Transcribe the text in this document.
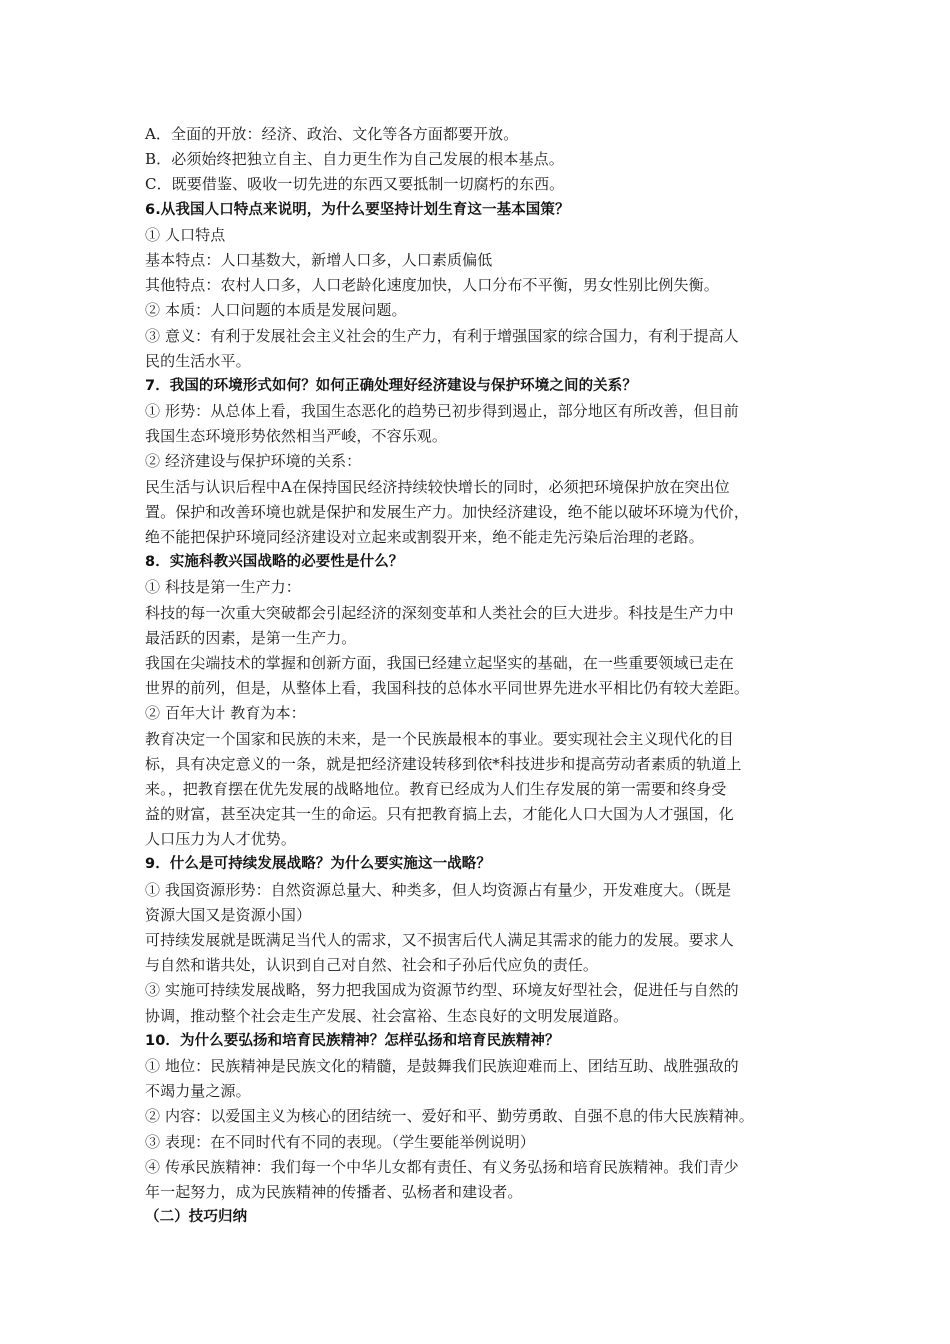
A．全面的开放：经济、政治、文化等各方面都要开放。
B．必须始终把独立自主、自力更生作为自己发展的根本基点。
C．既要借鉴、吸收一切先进的东西又要抵制一切腐朽的东西。
6.从我国人口特点来说明，为什么要坚持计划生育这一基本国策？
① 人口特点
基本特点：人口基数大，新增人口多，人口素质偏低
其他特点：农村人口多，人口老龄化速度加快，人口分布不平衡，男女性别比例失衡。
② 本质：人口问题的本质是发展问题。
③ 意义：有利于发展社会主义社会的生产力，有利于增强国家的综合国力，有利于提高人
民的生活水平。
7．我国的环境形式如何？如何正确处理好经济建设与保护环境之间的关系？
① 形势：从总体上看，我国生态恶化的趋势已初步得到遏止，部分地区有所改善，但目前
我国生态环境形势依然相当严峻，不容乐观。
② 经济建设与保护环境的关系：
民生活与认识后程中A在保持国民经济持续较快增长的同时，必须把环境保护放在突出位
置。保护和改善环境也就是保护和发展生产力。加快经济建设，绝不能以破坏环境为代价，
绝不能把保护环境同经济建设对立起来或割裂开来，绝不能走先污染后治理的老路。
8．实施科教兴国战略的必要性是什么？
① 科技是第一生产力：
科技的每一次重大突破都会引起经济的深刻变革和人类社会的巨大进步。科技是生产力中
最活跃的因素，是第一生产力。
我国在尖端技术的掌握和创新方面，我国已经建立起坚实的基础，在一些重要领域已走在
世界的前列，但是，从整体上看，我国科技的总体水平同世界先进水平相比仍有较大差距。
② 百年大计 教育为本：
教育决定一个国家和民族的未来，是一个民族最根本的事业。要实现社会主义现代化的目
标，具有决定意义的一条，就是把经济建设转移到依*科技进步和提高劳动者素质的轨道上
来。，把教育摆在优先发展的战略地位。教育已经成为人们生存发展的第一需要和终身受
益的财富，甚至决定其一生的命运。只有把教育搞上去，才能化人口大国为人才强国，化
人口压力为人才优势。
9．什么是可持续发展战略？为什么要实施这一战略？
① 我国资源形势：自然资源总量大、种类多，但人均资源占有量少，开发难度大。（既是
资源大国又是资源小国）
可持续发展就是既满足当代人的需求，又不损害后代人满足其需求的能力的发展。要求人
与自然和谐共处，认识到自己对自然、社会和子孙后代应负的责任。
③ 实施可持续发展战略，努力把我国成为资源节约型、环境友好型社会，促进任与自然的
协调，推动整个社会走生产发展、社会富裕、生态良好的文明发展道路。
10．为什么要弘扬和培育民族精神？怎样弘扬和培育民族精神？
① 地位：民族精神是民族文化的精髓，是鼓舞我们民族迎难而上、团结互助、战胜强敌的
不竭力量之源。
② 内容：以爱国主义为核心的团结统一、爱好和平、勤劳勇敢、自强不息的伟大民族精神。
③ 表现：在不同时代有不同的表现。（学生要能举例说明）
④ 传承民族精神：我们每一个中华儿女都有责任、有义务弘扬和培育民族精神。我们青少
年一起努力，成为民族精神的传播者、弘杨者和建设者。
（二）技巧归纳
